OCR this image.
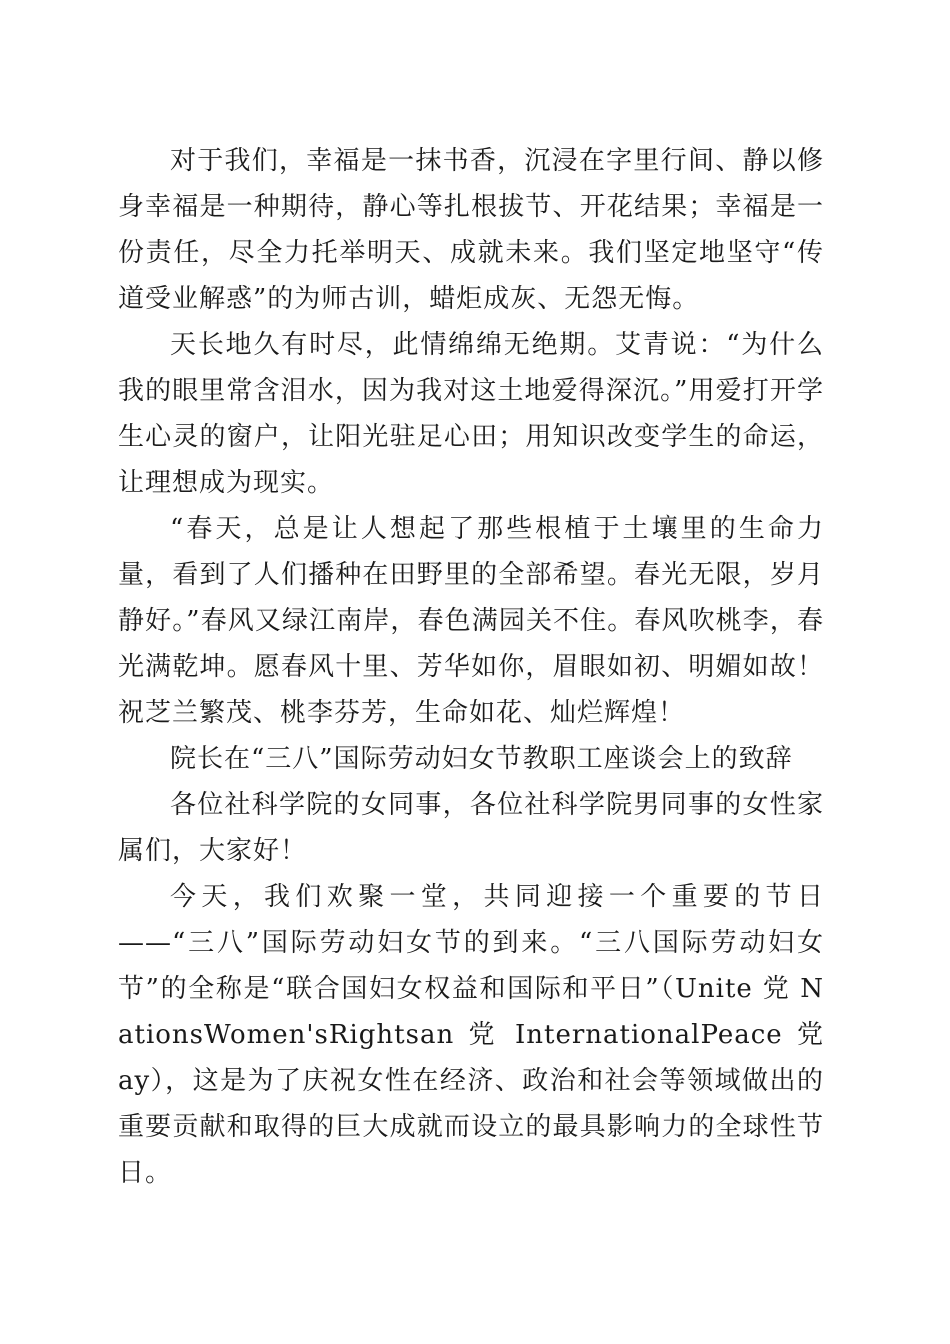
对于我们，幸福是一抹书香，沉浸在字里行间、静以修身幸福是一种期待，静心等扎根拔节、开花结果；幸福是一份责任，尽全力托举明天、成就未来。我们坚定地坚守“传道受业解惑”的为师古训，蜡炬成灰、无怨无悔。

天长地久有时尽，此情绵绵无绝期。艾青说：“为什么我的眼里常含泪水，因为我对这土地爱得深沉。”用爱打开学生心灵的窗户，让阳光驻足心田；用知识改变学生的命运，让理想成为现实。

“春天，总是让人想起了那些根植于土壤里的生命力量，看到了人们播种在田野里的全部希望。春光无限，岁月静好。”春风又绿江南岸，春色满园关不住。春风吹桃李，春光满乾坤。愿春风十里、芳华如你，眉眼如初、明媚如故！祝芝兰繁茂、桃李芬芳，生命如花、灿烂辉煌！

院长在“三八”国际劳动妇女节教职工座谈会上的致辞

各位社科学院的女同事，各位社科学院男同事的女性家属们，大家好！

今天，我们欢聚一堂，共同迎接一个重要的节日——“三八”国际劳动妇女节的到来。“三八国际劳动妇女节”的全称是“联合国妇女权益和国际和平日”（Unite 党 NationsWomen'sRightsan 党 InternationalPeace 党 ay），这是为了庆祝女性在经济、政治和社会等领域做出的重要贡献和取得的巨大成就而设立的最具影响力的全球性节日。
